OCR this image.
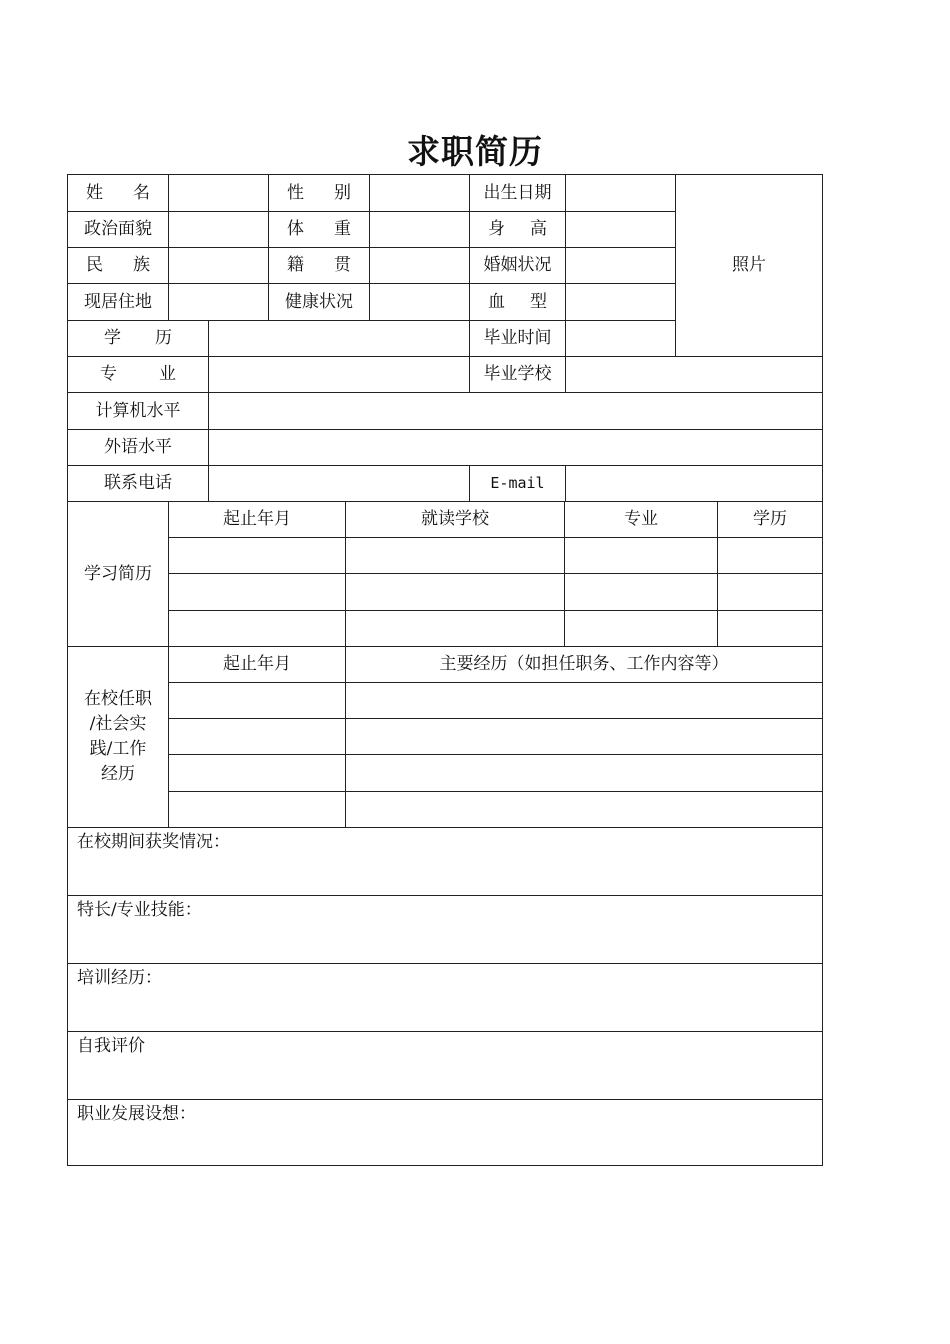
求职简历
姓 名	性 别	出生日期
照片
政治面貌	体 重	身 高
民 族	籍 贯	婚姻状况
现居住地	健康状况	血 型
学 历	毕业时间
专 业	毕业学校
计算机水平
外语水平
联系电话	E-mail
学习简历
起止年月	就读学校	专业	学历
在校任职
/社会实
践/工作
经历
起止年月	主要经历（如担任职务、工作内容等）
在校期间获奖情况：
特长/专业技能：
培训经历：
自我评价
职业发展设想：
